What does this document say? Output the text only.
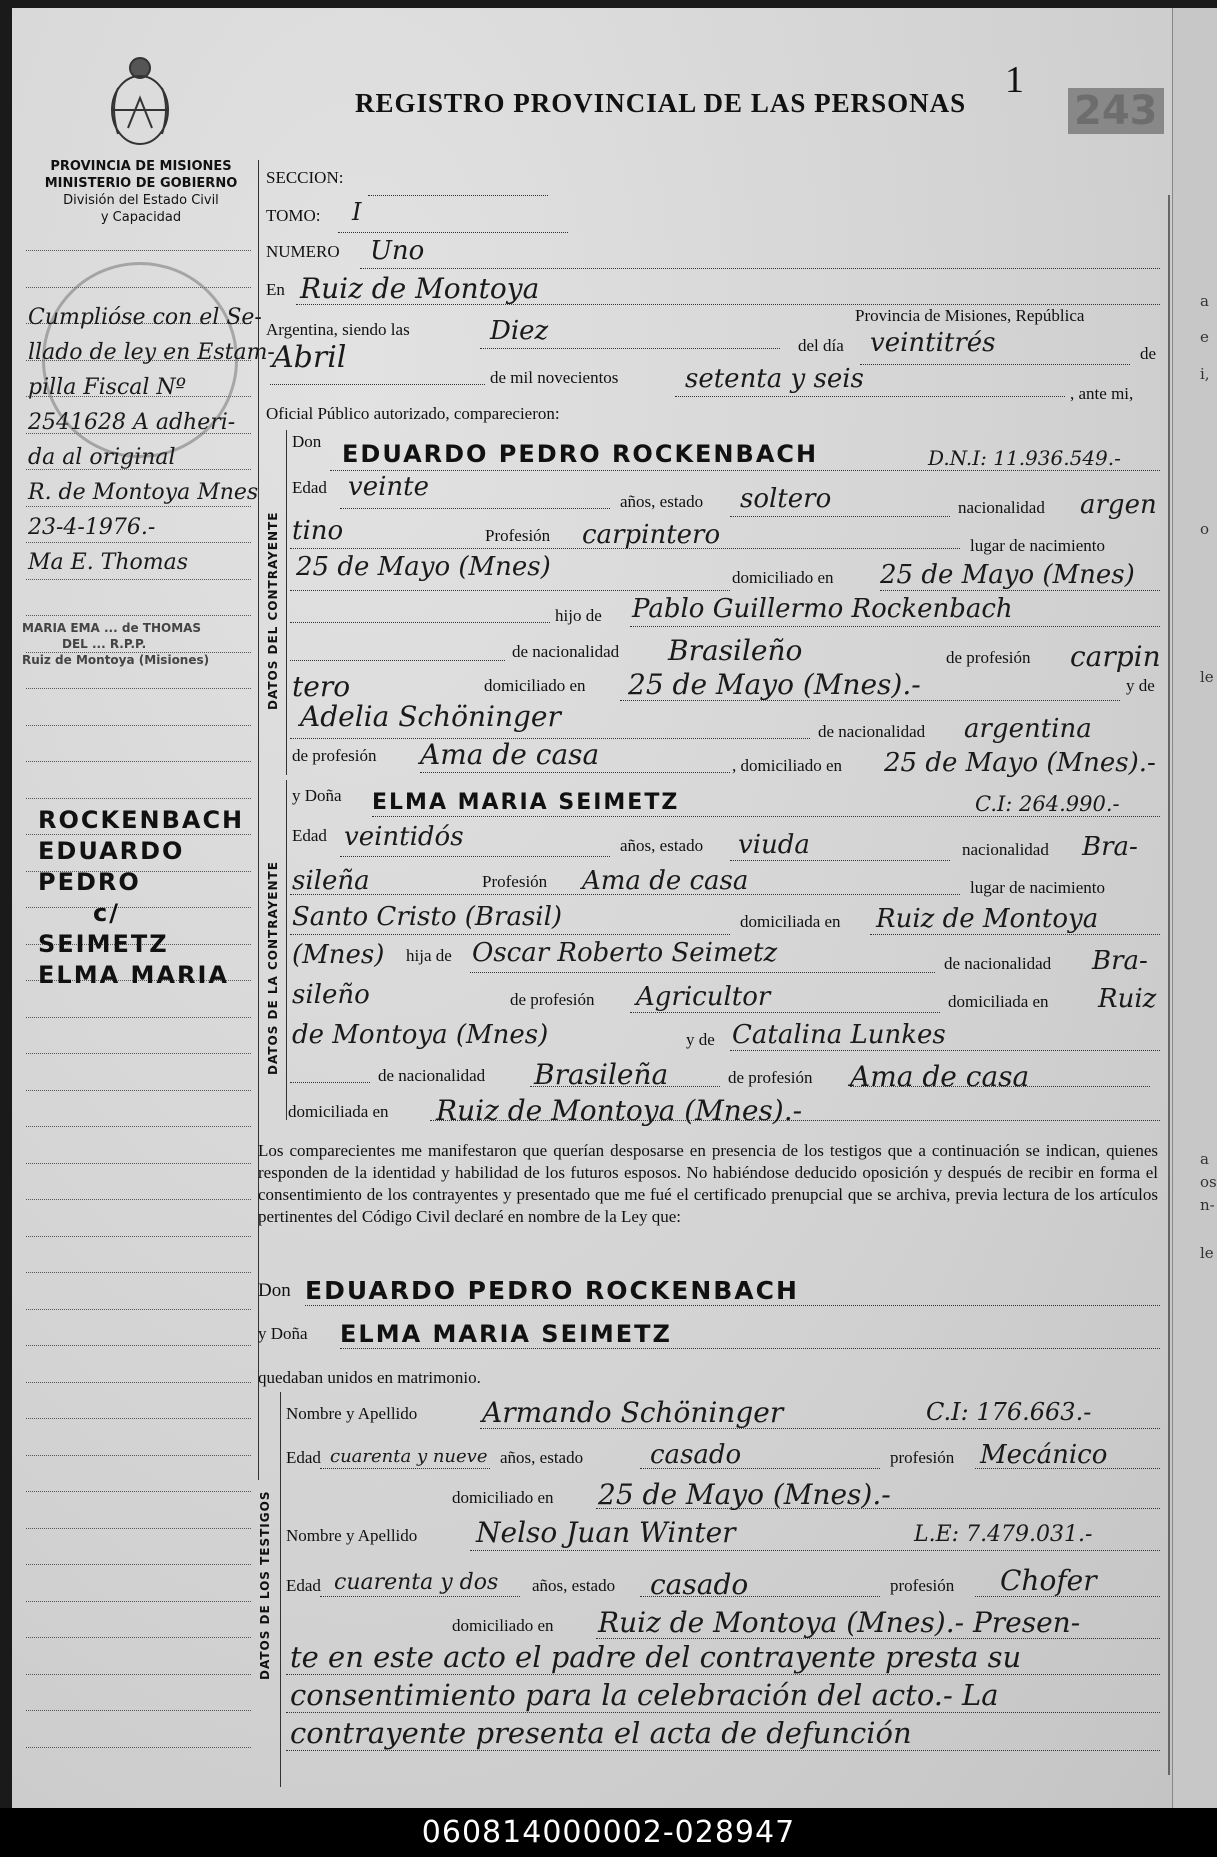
a
e
i,
o
le
a
os
n-
le
PROVINCIA DE MISIONES
MINISTERIO DE GOBIERNO
División del Estado Civil
y Capacidad
REGISTRO PROVINCIAL DE LAS PERSONAS
1
243
Cumplióse con el Se-
llado de ley en Estam-
pilla Fiscal Nº
2541628 A adheri-
da al original
R. de Montoya Mnes
23-4-1976.-
Ma E. Thomas
MARIA EMA ... de THOMAS
DEL ... R.P.P.
Ruiz de Montoya (Misiones)
ROCKENBACH
EDUARDO
PEDRO
c/
SEIMETZ
ELMA MARIA
SECCION:
TOMO: I
NUMERO Uno
En Ruiz de Montoya
Provincia de Misiones, República
Argentina, siendo las	Diez	del día veintitrés	de
Abril
de mil novecientos	setenta y seis	, ante mi,
Oficial Público autorizado, comparecieron:
DATOS DEL CONTRAYENTE
Don EDUARDO PEDRO ROCKENBACH	D.N.I: 11.936.549.-
Edad veinte	años, estado soltero	nacionalidad argen
tino	Profesión carpintero	lugar de nacimiento
25 de Mayo (Mnes)	domiciliado en 25 de Mayo (Mnes)
hijo de Pablo Guillermo Rockenbach
de nacionalidad Brasileño	de profesión carpin
tero	domiciliado en 25 de Mayo (Mnes).-	y de
Adelia Schöninger	de nacionalidad argentina
de profesión Ama de casa	, domiciliado en 25 de Mayo (Mnes).-
DATOS DE LA CONTRAYENTE
y Doña ELMA MARIA SEIMETZ	C.I: 264.990.-
Edad veintidós	años, estado viuda	nacionalidad Bra-
sileña	Profesión Ama de casa	lugar de nacimiento
Santo Cristo (Brasil)	domiciliada en Ruiz de Montoya
(Mnes) hija de Oscar Roberto Seimetz	de nacionalidad Bra-
sileño	de profesión Agricultor	domiciliada en Ruiz
de Montoya (Mnes)	y de Catalina Lunkes
de nacionalidad Brasileña	de profesión Ama de casa
domiciliada en Ruiz de Montoya (Mnes).-
Los comparecientes me manifestaron que querían desposarse en presencia de los testigos que a continuación se indican, quienes responden de la identidad y habilidad de los futuros esposos. No habiéndose deducido oposición y después de recibir en forma el consentimiento de los contrayentes y presentado que me fué el certificado prenupcial que se archiva, previa lectura de los artículos pertinentes del Código Civil declaré en nombre de la Ley que:
Don EDUARDO PEDRO ROCKENBACH
y Doña ELMA MARIA SEIMETZ
quedaban unidos en matrimonio.
DATOS DE LOS TESTIGOS
Nombre y Apellido Armando Schöninger	C.I: 176.663.-
Edad cuarenta y nueve años, estado	casado	profesión Mecánico
domiciliado en 25 de Mayo (Mnes).-
Nombre y Apellido Nelso Juan Winter	L.E: 7.479.031.-
Edad cuarenta y dos años, estado casado	profesión Chofer
domiciliado en Ruiz de Montoya (Mnes).- Presen-
te en este acto el padre del contrayente presta su
consentimiento para la celebración del acto.- La
contrayente presenta el acta de defunción
060814000002-028947
